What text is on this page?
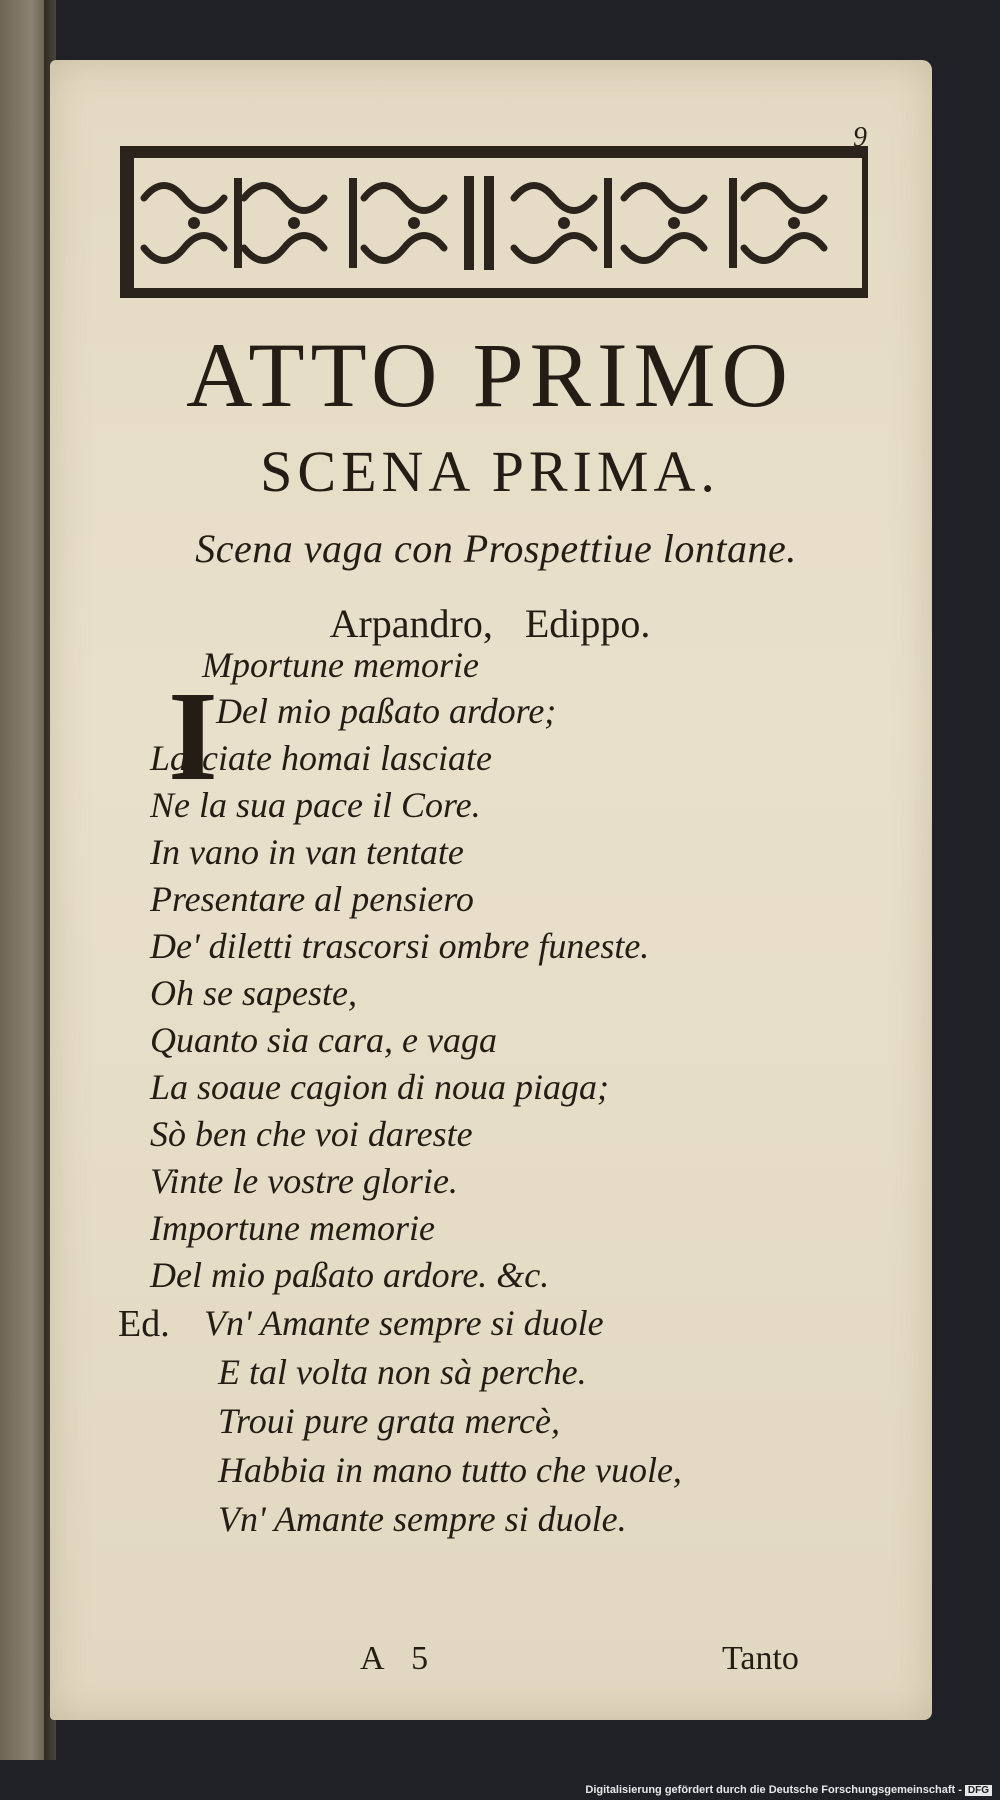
9
ATTO PRIMO
SCENA PRIMA.
Scena vaga con Prospettiue lontane.
Arpandro, Edippo.
I
Mportune memorie
Del mio paßato ardore;
Lasciate homai lasciate
Ne la sua pace il Core.
In vano in van tentate
Presentare al pensiero
De' diletti trascorsi ombre funeste.
Oh se sapeste,
Quanto sia cara, e vaga
La soaue cagion di noua piaga;
Sò ben che voi dareste
Vinte le vostre glorie.
Importune memorie
Del mio paßato ardore. &c.
Ed. Vn' Amante sempre si duole
E tal volta non sà perche.
Troui pure grata mercè,
Habbia in mano tutto che vuole,
Vn' Amante sempre si duole.
A 5	Tanto
Digitalisierung gefördert durch die Deutsche Forschungsgemeinschaft - DFG
